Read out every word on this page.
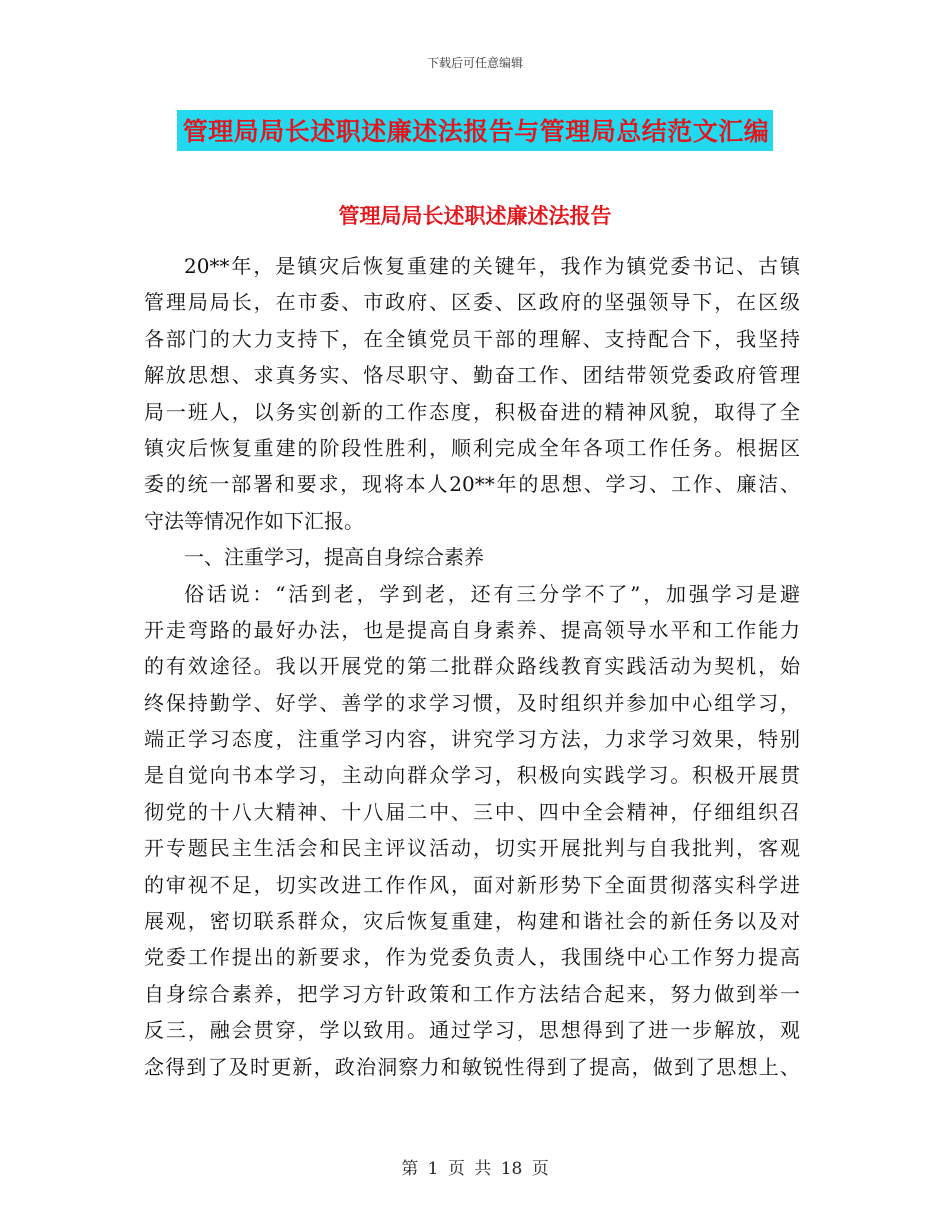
下载后可任意编辑
管理局局长述职述廉述法报告与管理局总结范文汇编
管理局局长述职述廉述法报告
20**年，是镇灾后恢复重建的关键年，我作为镇党委书记、古镇
管理局局长，在市委、市政府、区委、区政府的坚强领导下，在区级
各部门的大力支持下，在全镇党员干部的理解、支持配合下，我坚持
解放思想、求真务实、恪尽职守、勤奋工作、团结带领党委政府管理
局一班人，以务实创新的工作态度，积极奋进的精神风貌，取得了全
镇灾后恢复重建的阶段性胜利，顺利完成全年各项工作任务。根据区
委的统一部署和要求，现将本人20**年的思想、学习、工作、廉洁、
守法等情况作如下汇报。
一、注重学习，提高自身综合素养
俗话说：“活到老，学到老，还有三分学不了”，加强学习是避
开走弯路的最好办法，也是提高自身素养、提高领导水平和工作能力
的有效途径。我以开展党的第二批群众路线教育实践活动为契机，始
终保持勤学、好学、善学的求学习惯，及时组织并参加中心组学习，
端正学习态度，注重学习内容，讲究学习方法，力求学习效果，特别
是自觉向书本学习，主动向群众学习，积极向实践学习。积极开展贯
彻党的十八大精神、十八届二中、三中、四中全会精神，仔细组织召
开专题民主生活会和民主评议活动，切实开展批判与自我批判，客观
的审视不足，切实改进工作作风，面对新形势下全面贯彻落实科学进
展观，密切联系群众，灾后恢复重建，构建和谐社会的新任务以及对
党委工作提出的新要求，作为党委负责人，我围绕中心工作努力提高
自身综合素养，把学习方针政策和工作方法结合起来，努力做到举一
反三，融会贯穿，学以致用。通过学习，思想得到了进一步解放，观
念得到了及时更新，政治洞察力和敏锐性得到了提高，做到了思想上、
第 1 页 共 18 页
